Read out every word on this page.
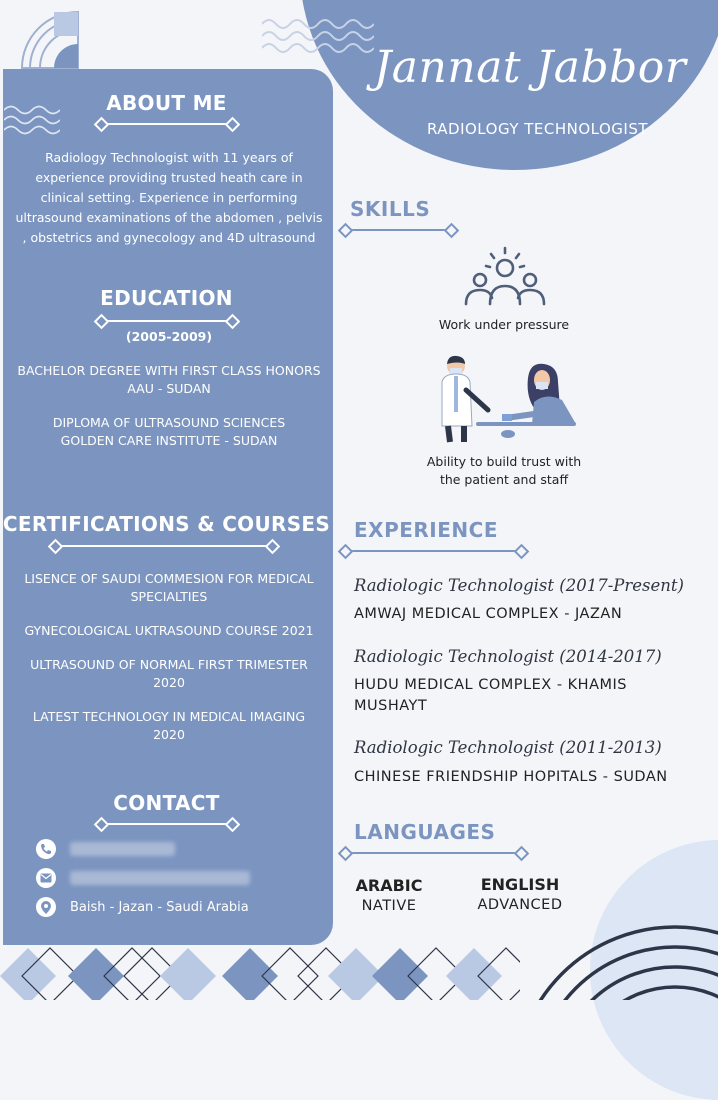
Jannat Jabbor
RADIOLOGY TECHNOLOGIST
ABOUT ME
Radiology Technologist with 11 years of
experience providing trusted heath care in
clinical setting. Experience in performing
ultrasound examinations of the abdomen , pelvis
, obstetrics and gynecology and 4D ultrasound
EDUCATION
(2005-2009)
BACHELOR DEGREE WITH FIRST CLASS HONORS
AAU - SUDAN
DIPLOMA OF ULTRASOUND SCIENCES
GOLDEN CARE INSTITUTE - SUDAN
CERTIFICATIONS & COURSES
LISENCE OF SAUDI COMMESION FOR MEDICAL
SPECIALTIES
GYNECOLOGICAL UKTRASOUND COURSE 2021
ULTRASOUND OF NORMAL FIRST TRIMESTER
2020
LATEST TECHNOLOGY IN MEDICAL IMAGING
2020
CONTACT
Baish - Jazan - Saudi Arabia
SKILLS
Work under pressure
Ability to build trust with
the patient and staff
EXPERIENCE
Radiologic Technologist (2017-Present)
AMWAJ MEDICAL COMPLEX - JAZAN
Radiologic Technologist (2014-2017)
HUDU MEDICAL COMPLEX - KHAMIS
MUSHAYT
Radiologic Technologist (2011-2013)
CHINESE FRIENDSHIP HOPITALS - SUDAN
LANGUAGES
ARABIC
NATIVE
ENGLISH
ADVANCED
